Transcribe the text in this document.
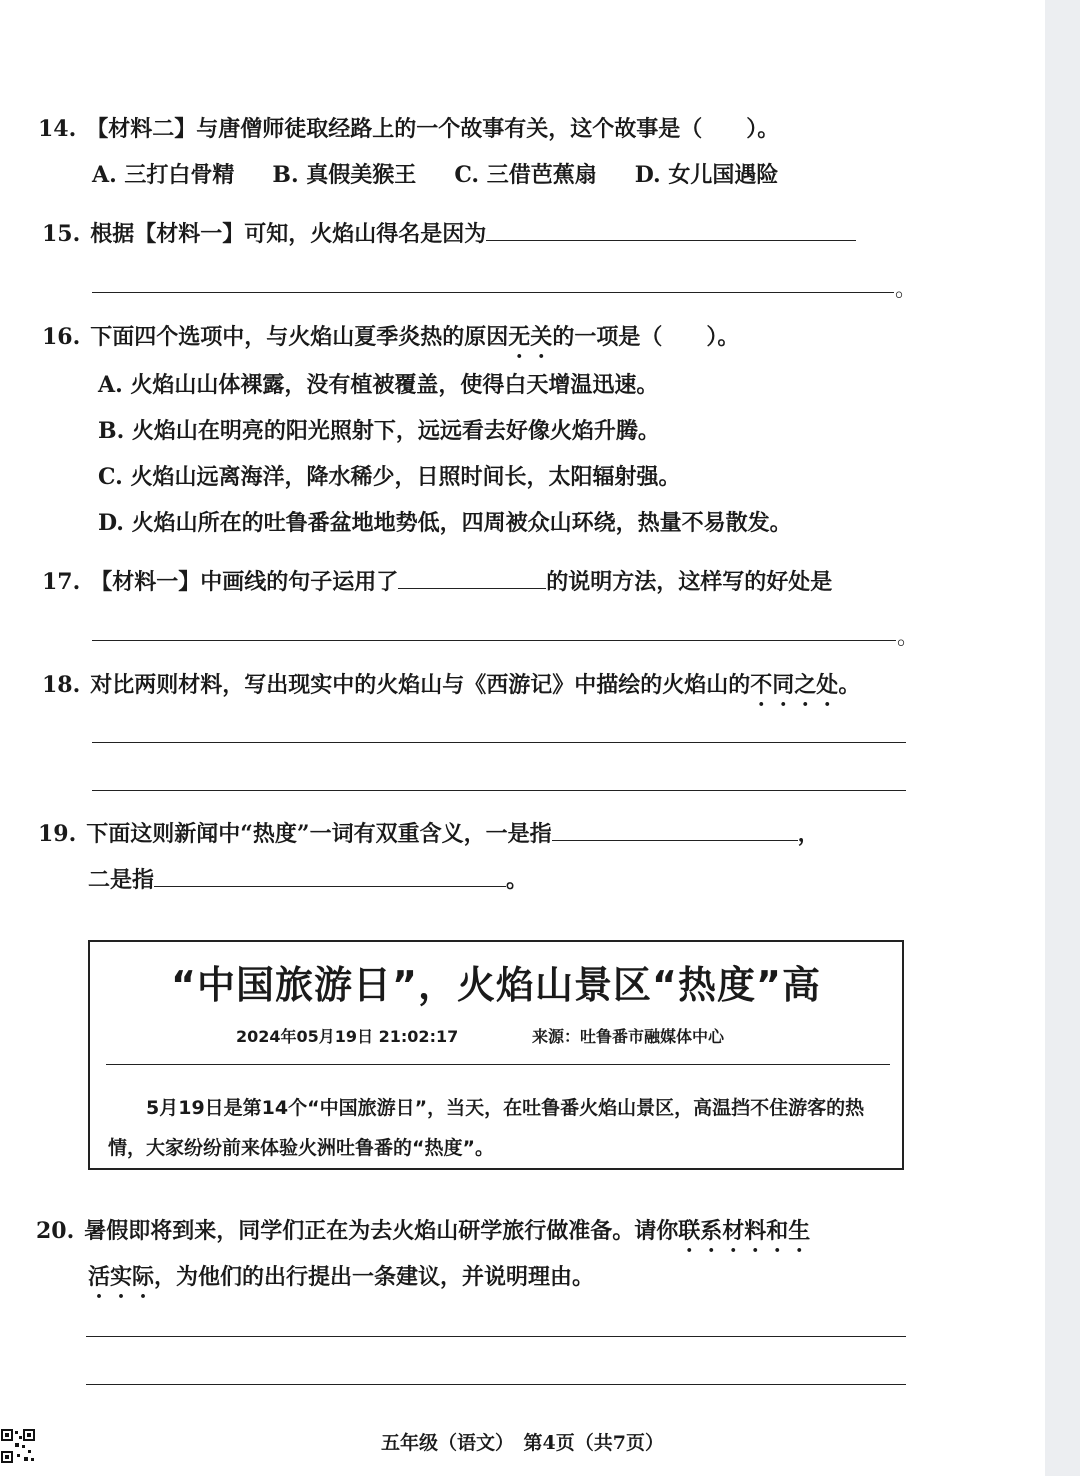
14. 【材料二】与唐僧师徒取经路上的一个故事有关，这个故事是（　　）。
A. 三打白骨精 B. 真假美猴王 C. 三借芭蕉扇 D. 女儿国遇险
15. 根据【材料一】可知，火焰山得名是因为
。
16. 下面四个选项中，与火焰山夏季炎热的原因无关的一项是（　　）。
A. 火焰山山体裸露，没有植被覆盖，使得白天增温迅速。
B. 火焰山在明亮的阳光照射下，远远看去好像火焰升腾。
C. 火焰山远离海洋，降水稀少，日照时间长，太阳辐射强。
D. 火焰山所在的吐鲁番盆地地势低，四周被众山环绕，热量不易散发。
17. 【材料一】中画线的句子运用了	的说明方法，这样写的好处是
。
18. 对比两则材料，写出现实中的火焰山与《西游记》中描绘的火焰山的不同之处。
19. 下面这则新闻中“热度”一词有双重含义，一是指	，
二是指	。
“中国旅游日”，火焰山景区“热度”高
2024年05月19日 21:02:17	来源：吐鲁番市融媒体中心
　　5月19日是第14个“中国旅游日”，当天，在吐鲁番火焰山景区，高温挡不住游客的热情，大家纷纷前来体验火洲吐鲁番的“热度”。
20. 暑假即将到来，同学们正在为去火焰山研学旅行做准备。请你联系材料和生
活实际，为他们的出行提出一条建议，并说明理由。
五年级（语文）　第4页（共7页）
